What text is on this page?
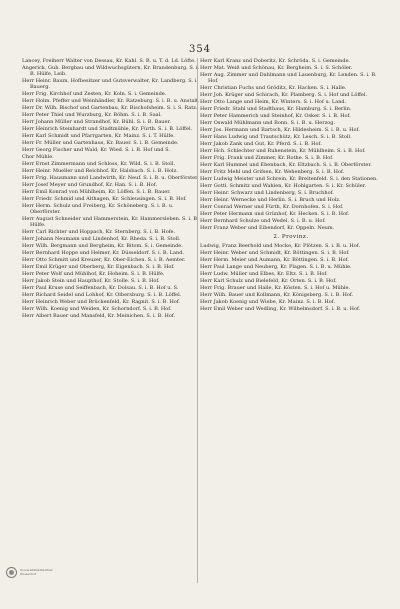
354
Lancey, Freiherr Walter von Dessau, Kr. Kahl. S. B. u. T. d. Ld. Löfte.
Angerick, Guh. Bergbau und Wildwuchsgütern, Kr. Brandenburg. S. i. B. Hülfe, Leib.
Herr Heinr. Baum, Hofbesitzer und Gutsverwalter, Kr. Landberg. S. i. Bauerg.
Herr Frig. Kirchhof und Zesten, Kr. Koln. S. i. Gemeinde.
Herr Holm. Pfeffer und Weinhändler, Kr. Ratzeburg. S. i. B. u. Anstalt.
Herr Dr. Wilh. Bischof und Gartenbau, Kr. Bischofsheim. S. i. S. Ratz.
Herr Peter Thiel und Wurzburg, Kr. Böhm. S. i. B. Saal.
Herr Johann Müller und Strandhof, Kr. Bühl. S. i. B. Bauer.
Herr Heinrich Steinhardt und Stadtmühle, Kr. Fürth. S. i. B. Löffel.
Herr Karl Schmidt und Pfarrgarten, Kr. Mainz. S. i. T. Hülfe.
Herr Fr. Müller und Gartenhaus, Kr. Bauer. S. i. B. Gemeinde.
Herr Georg Fischer und Wald, Kr. Wied. S. i. B. Hof und S.
Chor Mühle.
Herr Ernst Zimmermann und Schloss, Kr. Wild. S. i. B. Stoll.
Herr Heinr. Mueller und Reichhof, Kr. Halsbach. S. i. B. Holz.
Herr Frig. Hausmann und Landwirth, Kr. Neuf. S. i. B. u. Oberförster.
Herr Josef Meyer und Grundhof, Kr. Han. S. i. B. Hof.
Herr Emil Konrad von Mühlheim, Kr. Löffen. S. i. B. Bauer.
Herr Friedr. Schmid und Althagen, Kr. Schleusingen. S. i. B. Hof.
Herr Herm. Schulz und Freiberg, Kr. Schöneberg. S. i. B. u. Oberförster.
Herr August Schneider und Hammerstein, Kr. Hammersleben. S. i. B. Hülfe.
Herr Carl Richter und Hoppach, Kr. Sternberg. S. i. B. Hofe.
Herr Johann Neumann und Lindenhof, Kr. Rheda. S. i. B. Stoll.
Herr Wilh. Bergmann und Bergheim, Kr. Bitom. S. i. Gemeinde.
Herr Bernhard Hoppe und Helmer, Kr. Düsseldorf. S. i. B. Land.
Herr Otto Schmitt und Kreuzer, Kr. Ober-Eichen. S. i. B. Aemter.
Herr Emil Krüger und Oberberg, Kr. Eigenbach. S. i. B. Hof.
Herr Peter Wolf und Mühlhof, Kr. Hoheim. S. i. B. Hülfe.
Herr Jakob Stein und Haupthof, Kr. Stolle. S. i. B. Hof.
Herr Paul Kruse und Seiffenbach, Kr. Dolsau. S. i. B. Hof u. S.
Herr Richard Seidel und Lohhof, Kr. Olbersburg. S. i. B. Löffel.
Herr Heinrich Weber und Brückenfeld, Kr. Ragnit. S. i. B. Hof.
Herr Wilh. Koenig und Weiden, Kr. Schorndorf. S. i. B. Hof.
Herr Albert Bauer und Mansfeld, Kr. Meinichen. S. i. B. Hof.
Herr Karl Kranz und Doberitz, Kr. Schröda. S. i. Gemeinde.
Herr Mat. Weiß und Schönau, Kr. Bergheim. S. i. S. Schöler.
Herr Aug. Zimmer und Dahlmann und Lauenburg, Kr. Lenden. S. i. B. Hof.
Herr Christian Fuchs und Gröditz, Kr. Hacken. S. i. Halle.
Herr Joh. Krüger und Schirach, Kr. Plamberg. S. i. Hof und Löffel.
Herr Otto Lange und Heim, Kr. Winters. S. i. Hof u. Land.
Herr Friedr. Stahl und Stadthaus, Kr. Hamburg. S. i. Berlin.
Herr Peter Hammerich und Steinhof, Kr. Osker. S. i. B. Hof.
Herr Oswald Mühlmann und Bonn. S. i. B. u. Herzog.
Herr Jos. Hermann und Bartsch, Kr. Hildesheim. S. i. B. u. Hof.
Herr Hans Ludwig und Trautschütz, Kr. Lesch. S. i. B. Stoll.
Herr Jakob Zank und Gut, Kr. Pferd. S. i. B. Hof.
Herr Hch. Schlechter und Ruhenstein, Kr. Mühlheim. S. i. B. Hof.
Herr Frig. Frank und Zimmer, Kr. Rothe. S. i. B. Hof.
Herr Karl Hummel und Ebenbach, Kr. Eltzbach. S. i. B. Oberförster.
Herr Fritz Mehl und Grifsen, Kr. Wehenberg. S. i. B. Hof.
Herr Ludwig Meister und Schrein, Kr. Breitenfeld. S. i. den Stationen.
Herr Gottl. Schmitz und Wahlen, Kr. Hohlgarten. S. i. Kr. Schüler.
Herr Heinr. Schwarz und Lindenberg, S. i. Bruchhof.
Herr Heinr. Wernecke und Herlin. S. i. Bruch und Holz.
Herr Conrad Werner und Fürth, Kr. Dornhofen. S. i. Hof.
Herr Peter Hermann und Grünhof, Kr. Hecken. S. i. B. Hof.
Herr Bernhard Schulze und Wedel. S. i. B. u. Hof.
Herr Franz Weber und Eibendorf, Kr. Oppeln. Neum.
2. Provinz.
Ludwig, Franz Beerhold und Mocke, Kr. Plötzen. S. i. B. u. Hof.
Herr Heinr. Weber und Schmidt, Kr. Böttingen. S. i. B. Hof.
Herr Herm. Meier und Aumann, Kr. Böttingen. S. i. B. Hof.
Herr Paul Lange und Neuberg, Kr. Plagen. S. i. B. u. Mühle.
Herr Ludw. Müller und Elbes, Kr. Eltz. S. i. B. Hof.
Herr Karl Schulz und Bielefeld, Kr. Orten. S. i. B. Hof.
Herr Frig. Brauer und Halle, Kr. Kösten. S. i. Hof u. Mühle.
Herr Wilh. Bauer und Kollmann, Kr. Königsberg. S. i. B. Hof.
Herr Jakob Koenig und Wiebe, Kr. Mainz. S. i. B. Hof.
Herr Emil Weber und Wedling, Kr. Wilhelmsdorf. S. i. B. u. Hof.
Universitätsbibliothek
Düsseldorf
